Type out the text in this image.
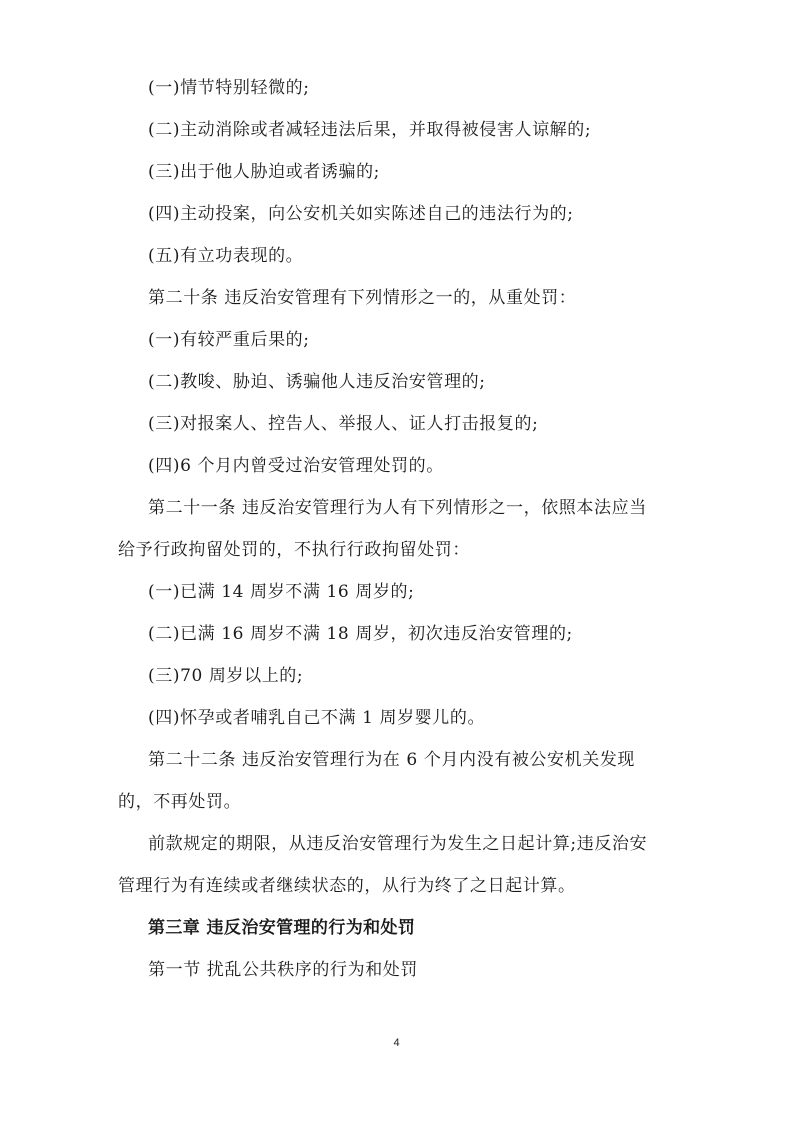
(一)情节特别轻微的;
(二)主动消除或者减轻违法后果，并取得被侵害人谅解的;
(三)出于他人胁迫或者诱骗的;
(四)主动投案，向公安机关如实陈述自己的违法行为的;
(五)有立功表现的。
第二十条 违反治安管理有下列情形之一的，从重处罚：
(一)有较严重后果的;
(二)教唆、胁迫、诱骗他人违反治安管理的;
(三)对报案人、控告人、举报人、证人打击报复的;
(四)6 个月内曾受过治安管理处罚的。
第二十一条 违反治安管理行为人有下列情形之一，依照本法应当
给予行政拘留处罚的，不执行行政拘留处罚：
(一)已满 14 周岁不满 16 周岁的;
(二)已满 16 周岁不满 18 周岁，初次违反治安管理的;
(三)70 周岁以上的;
(四)怀孕或者哺乳自己不满 1 周岁婴儿的。
第二十二条 违反治安管理行为在 6 个月内没有被公安机关发现
的，不再处罚。
前款规定的期限，从违反治安管理行为发生之日起计算;违反治安
管理行为有连续或者继续状态的，从行为终了之日起计算。
第三章 违反治安管理的行为和处罚
第一节 扰乱公共秩序的行为和处罚
4
